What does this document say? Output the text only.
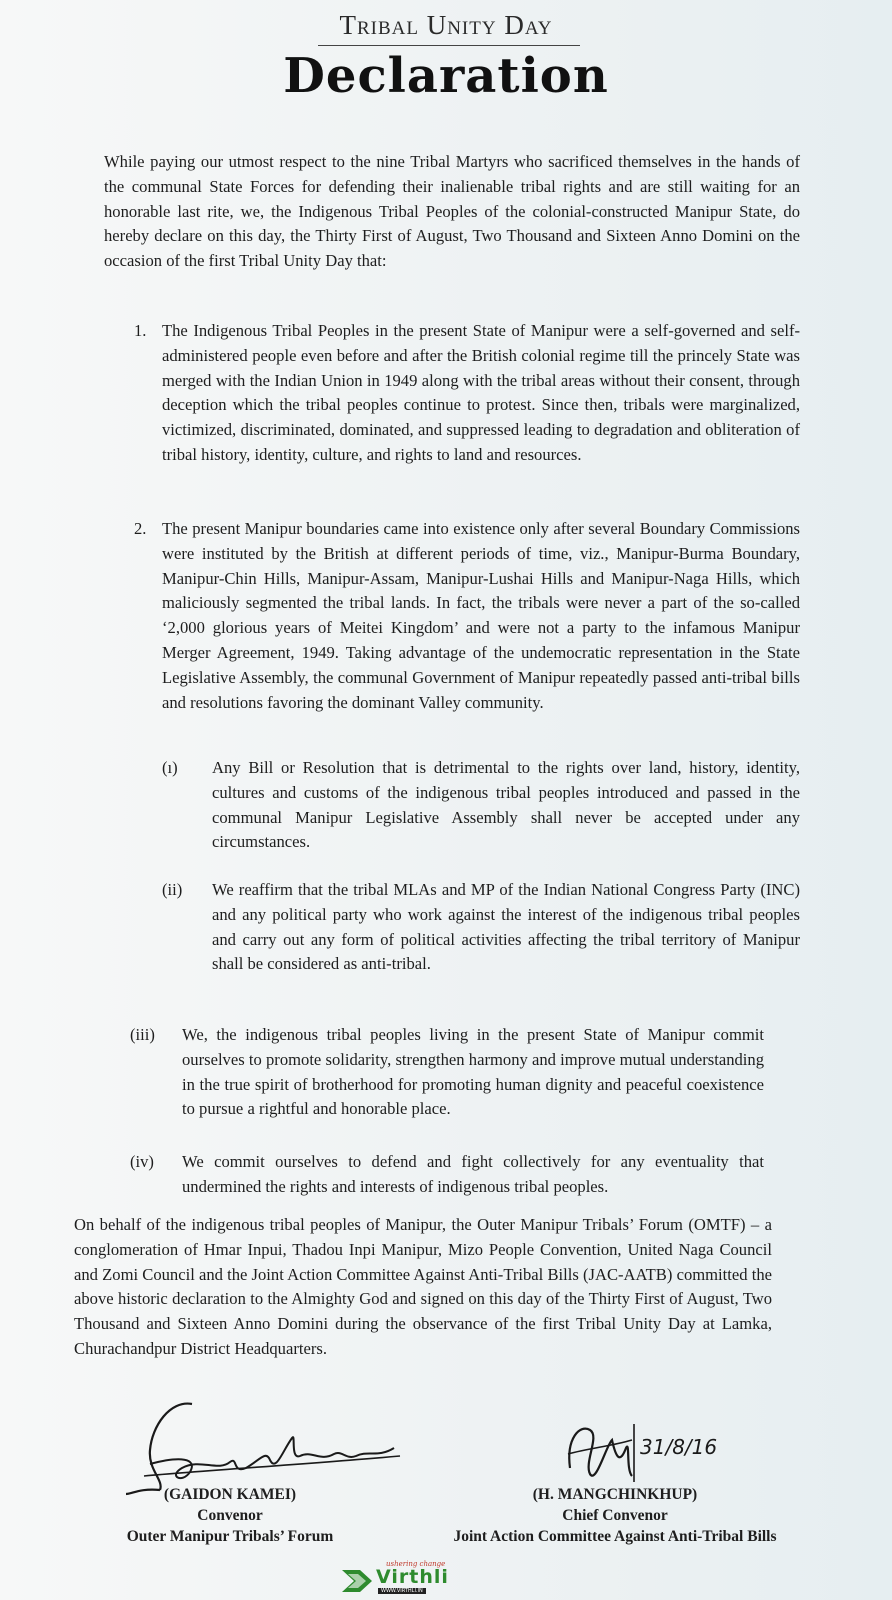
Tribal Unity Day
Declaration
While paying our utmost respect to the nine Tribal Martyrs who sacrificed themselves in the hands of the communal State Forces for defending their inalienable tribal rights and are still waiting for an honorable last rite, we, the Indigenous Tribal Peoples of the colonial-constructed Manipur State, do hereby declare on this day, the Thirty First of August, Two Thousand and Sixteen Anno Domini on the occasion of the first Tribal Unity Day that:
1. The Indigenous Tribal Peoples in the present State of Manipur were a self-governed and self-administered people even before and after the British colonial regime till the princely State was merged with the Indian Union in 1949 along with the tribal areas without their consent, through deception which the tribal peoples continue to protest. Since then, tribals were marginalized, victimized, discriminated, dominated, and suppressed leading to degradation and obliteration of tribal history, identity, culture, and rights to land and resources.
2. The present Manipur boundaries came into existence only after several Boundary Commissions were instituted by the British at different periods of time, viz., Manipur-Burma Boundary, Manipur-Chin Hills, Manipur-Assam, Manipur-Lushai Hills and Manipur-Naga Hills, which maliciously segmented the tribal lands. In fact, the tribals were never a part of the so-called ‘2,000 glorious years of Meitei Kingdom’ and were not a party to the infamous Manipur Merger Agreement, 1949. Taking advantage of the undemocratic representation in the State Legislative Assembly, the communal Government of Manipur repeatedly passed anti-tribal bills and resolutions favoring the dominant Valley community.
(ı) Any Bill or Resolution that is detrimental to the rights over land, history, identity, cultures and customs of the indigenous tribal peoples introduced and passed in the communal Manipur Legislative Assembly shall never be accepted under any circumstances.
(ii) We reaffirm that the tribal MLAs and MP of the Indian National Congress Party (INC) and any political party who work against the interest of the indigenous tribal peoples and carry out any form of political activities affecting the tribal territory of Manipur shall be considered as anti-tribal.
(iii) We, the indigenous tribal peoples living in the present State of Manipur commit ourselves to promote solidarity, strengthen harmony and improve mutual understanding in the true spirit of brotherhood for promoting human dignity and peaceful coexistence to pursue a rightful and honorable place.
(iv) We commit ourselves to defend and fight collectively for any eventuality that undermined the rights and interests of indigenous tribal peoples.
On behalf of the indigenous tribal peoples of Manipur, the Outer Manipur Tribals’ Forum (OMTF) – a conglomeration of Hmar Inpui, Thadou Inpi Manipur, Mizo People Convention, United Naga Council and Zomi Council and the Joint Action Committee Against Anti-Tribal Bills (JAC-AATB) committed the above historic declaration to the Almighty God and signed on this day of the Thirty First of August, Two Thousand and Sixteen Anno Domini during the observance of the first Tribal Unity Day at Lamka, Churachandpur District Headquarters.
31/8/16
(GAIDON KAMEI)
Convenor
Outer Manipur Tribals’ Forum
(H. MANGCHINKHUP)
Chief Convenor
Joint Action Committee Against Anti-Tribal Bills
ushering change
Virthli
WWW.VIRTHLI.IN
